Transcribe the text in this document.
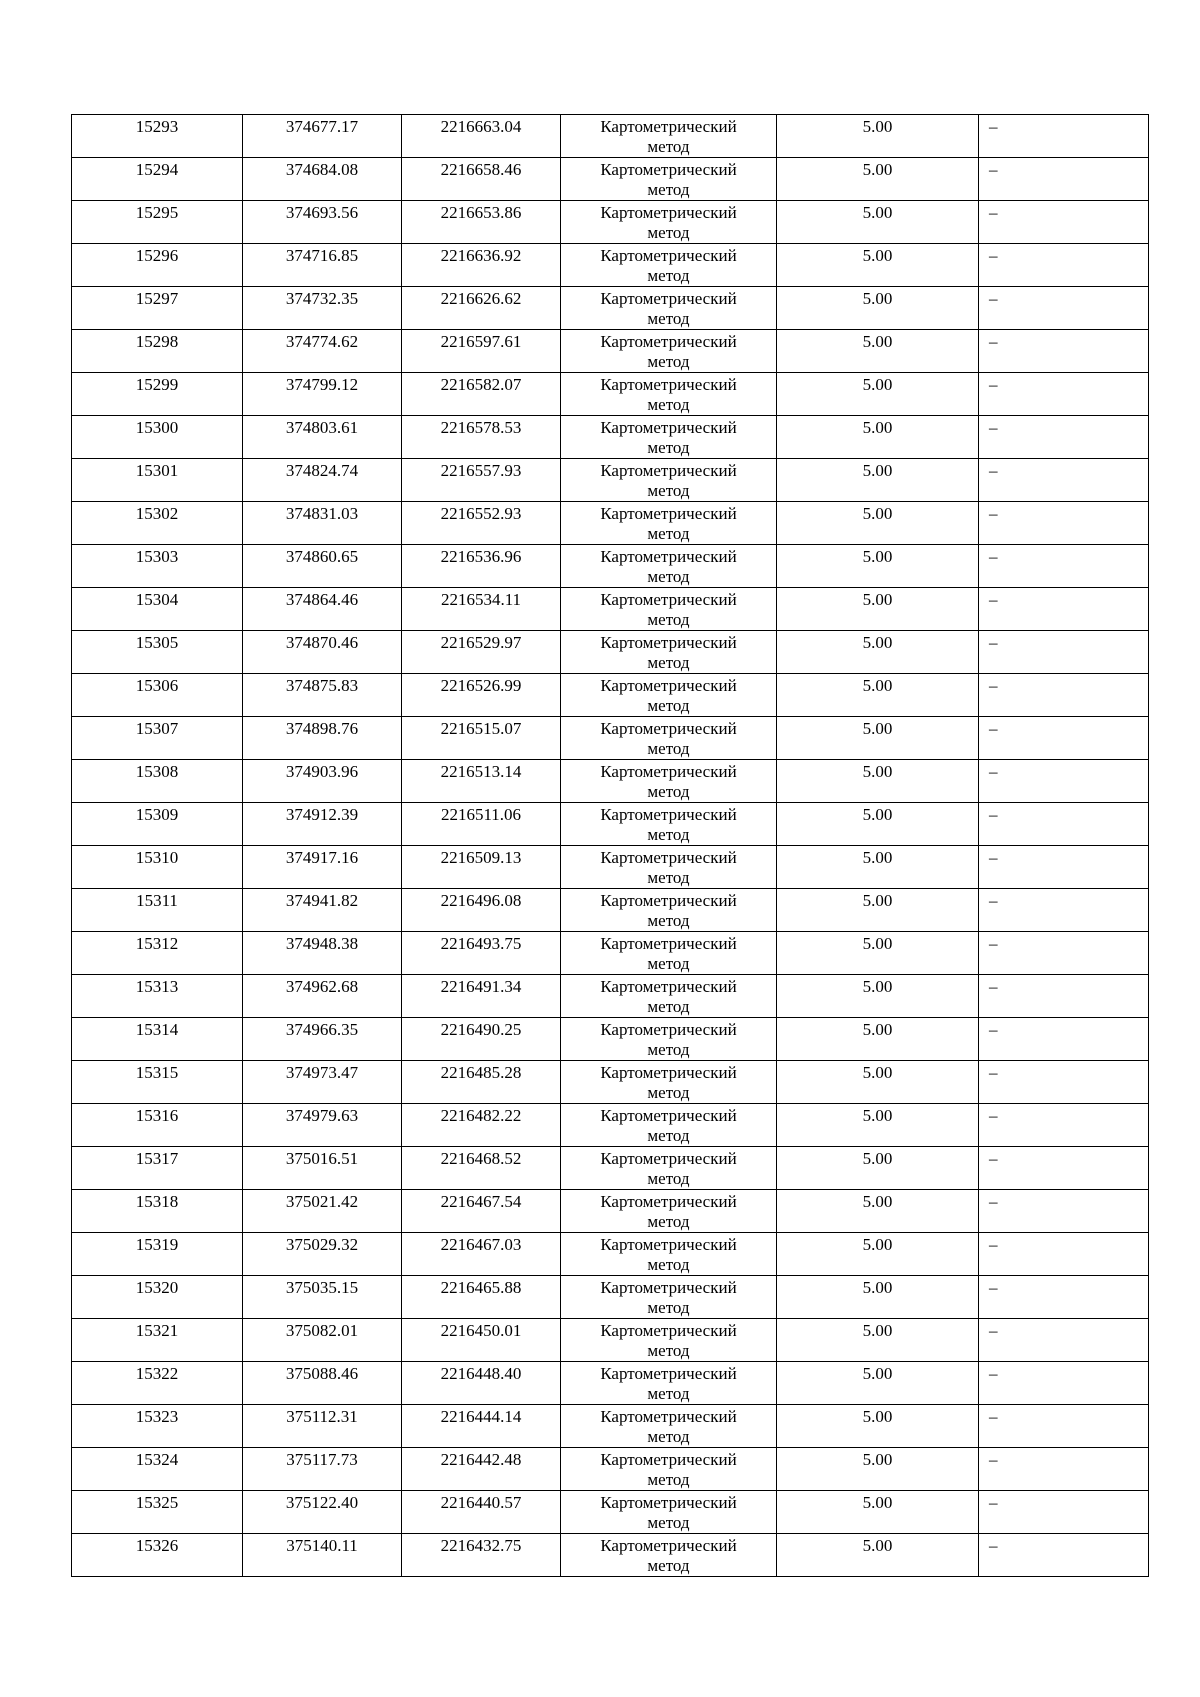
15293	374677.17	2216663.04	Картометрический
метод	5.00	–

15294	374684.08	2216658.46	Картометрический
метод	5.00	–

15295	374693.56	2216653.86	Картометрический
метод	5.00	–

15296	374716.85	2216636.92	Картометрический
метод	5.00	–

15297	374732.35	2216626.62	Картометрический
метод	5.00	–

15298	374774.62	2216597.61	Картометрический
метод	5.00	–

15299	374799.12	2216582.07	Картометрический
метод	5.00	–

15300	374803.61	2216578.53	Картометрический
метод	5.00	–

15301	374824.74	2216557.93	Картометрический
метод	5.00	–

15302	374831.03	2216552.93	Картометрический
метод	5.00	–

15303	374860.65	2216536.96	Картометрический
метод	5.00	–

15304	374864.46	2216534.11	Картометрический
метод	5.00	–

15305	374870.46	2216529.97	Картометрический
метод	5.00	–

15306	374875.83	2216526.99	Картометрический
метод	5.00	–

15307	374898.76	2216515.07	Картометрический
метод	5.00	–

15308	374903.96	2216513.14	Картометрический
метод	5.00	–

15309	374912.39	2216511.06	Картометрический
метод	5.00	–

15310	374917.16	2216509.13	Картометрический
метод	5.00	–

15311	374941.82	2216496.08	Картометрический
метод	5.00	–

15312	374948.38	2216493.75	Картометрический
метод	5.00	–

15313	374962.68	2216491.34	Картометрический
метод	5.00	–

15314	374966.35	2216490.25	Картометрический
метод	5.00	–

15315	374973.47	2216485.28	Картометрический
метод	5.00	–

15316	374979.63	2216482.22	Картометрический
метод	5.00	–

15317	375016.51	2216468.52	Картометрический
метод	5.00	–

15318	375021.42	2216467.54	Картометрический
метод	5.00	–

15319	375029.32	2216467.03	Картометрический
метод	5.00	–

15320	375035.15	2216465.88	Картометрический
метод	5.00	–

15321	375082.01	2216450.01	Картометрический
метод	5.00	–

15322	375088.46	2216448.40	Картометрический
метод	5.00	–

15323	375112.31	2216444.14	Картометрический
метод	5.00	–

15324	375117.73	2216442.48	Картометрический
метод	5.00	–

15325	375122.40	2216440.57	Картометрический
метод	5.00	–

15326	375140.11	2216432.75	Картометрический
метод	5.00	–
